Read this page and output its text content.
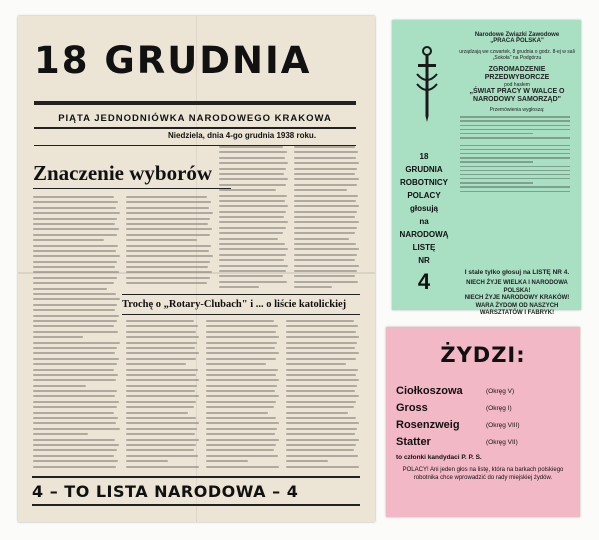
18 GRUDNIA
PIĄTA JEDNODNIÓWKA NARODOWEGO KRAKOWA
Niedziela, dnia 4-go grudnia 1938 roku.
Znaczenie wyborów
Trochę o „Rotary-Clubach" i ... o liście katolickiej
4 – TO LISTA NARODOWA – 4
18
GRUDNIA
ROBOTNICY
POLACY
głosują
na
NARODOWĄ
LISTĘ
NR
4
Narodowe Związki Zawodowe
„PRACA POLSKA"
urządzają we czwartek, 8 grudnia o godz. 8-ej w sali „Sokoła" na Podgórzu
ZGROMADZENIE PRZEDWYBORCZE
pod hasłem
„ŚWIAT PRACY W WALCE O NARODOWY SAMORZĄD"
Przemówienia wygłoszą:
I stale tylko głosuj na LISTĘ NR 4.
NIECH ŻYJE WIELKA I NARODOWA POLSKA!
NIECH ŻYJE NARODOWY KRAKÓW!
WARA ŻYDOM OD NASZYCH WARSZTATÓW I FABRYK!
ŻYDZI:
Ciołkoszowa	(Okręg V)
Gross	(Okręg I)
Rosenzweig	(Okręg VIII)
Statter	(Okręg VII)
to członki kandydaci P. P. S.
POLACY! Ani jeden głos na listę, która na barkach polskiego robotnika chce wprowadzić do rady miejskiej żydów.
